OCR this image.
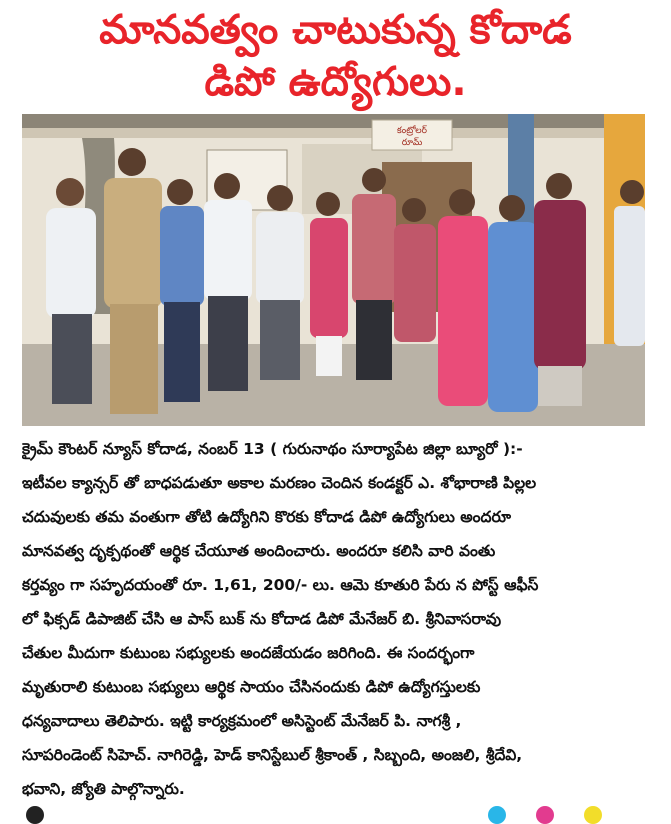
మానవత్వం చాటుకున్న కోదాడ
డిపో ఉద్యోగులు.
కంట్రోలర్
రూమ్
క్రైమ్ కౌంటర్ న్యూస్ కోదాడ, నంబర్ 13 ( గురునాథం సూర్యాపేట జిల్లా బ్యూరో ):-
ఇటీవల క్యాన్సర్ తో బాధపడుతూ అకాల మరణం చెందిన కండక్టర్ ఎ. శోభారాణి పిల్లల
చదువులకు తమ వంతుగా తోటి ఉద్యోగిని కొరకు కోదాడ డిపో ఉద్యోగులు అందరూ
మానవత్వ దృక్పథంతో ఆర్థిక చేయూత అందించారు. అందరూ కలిసి వారి వంతు
కర్తవ్యం గా సహృదయంతో రూ. 1,61, 200/- లు. ఆమె కూతురి పేరు న పోస్ట్ ఆఫీస్
లో ఫిక్సడ్ డిపాజిట్ చేసి ఆ పాస్ బుక్ ను కోదాడ డిపో మేనేజర్ బి. శ్రీనివాసరావు
చేతుల మీదుగా కుటుంబ సభ్యులకు అందజేయడం జరిగింది. ఈ సందర్భంగా
మృతురాలి కుటుంబ సభ్యులు ఆర్థిక సాయం చేసినందుకు డిపో ఉద్యోగస్తులకు
ధన్యవాదాలు తెలిపారు. ఇట్టి కార్యక్రమంలో అసిస్టెంట్ మేనేజర్ పి. నాగశ్రీ ,
సూపరిండెంట్ సిహెచ్. నాగిరెడ్డి, హెడ్ కానిస్టేబుల్ శ్రీకాంత్ , సిబ్బంది, అంజలి, శ్రీదేవి,
భవాని, జ్యోతి పాల్గొన్నారు.
